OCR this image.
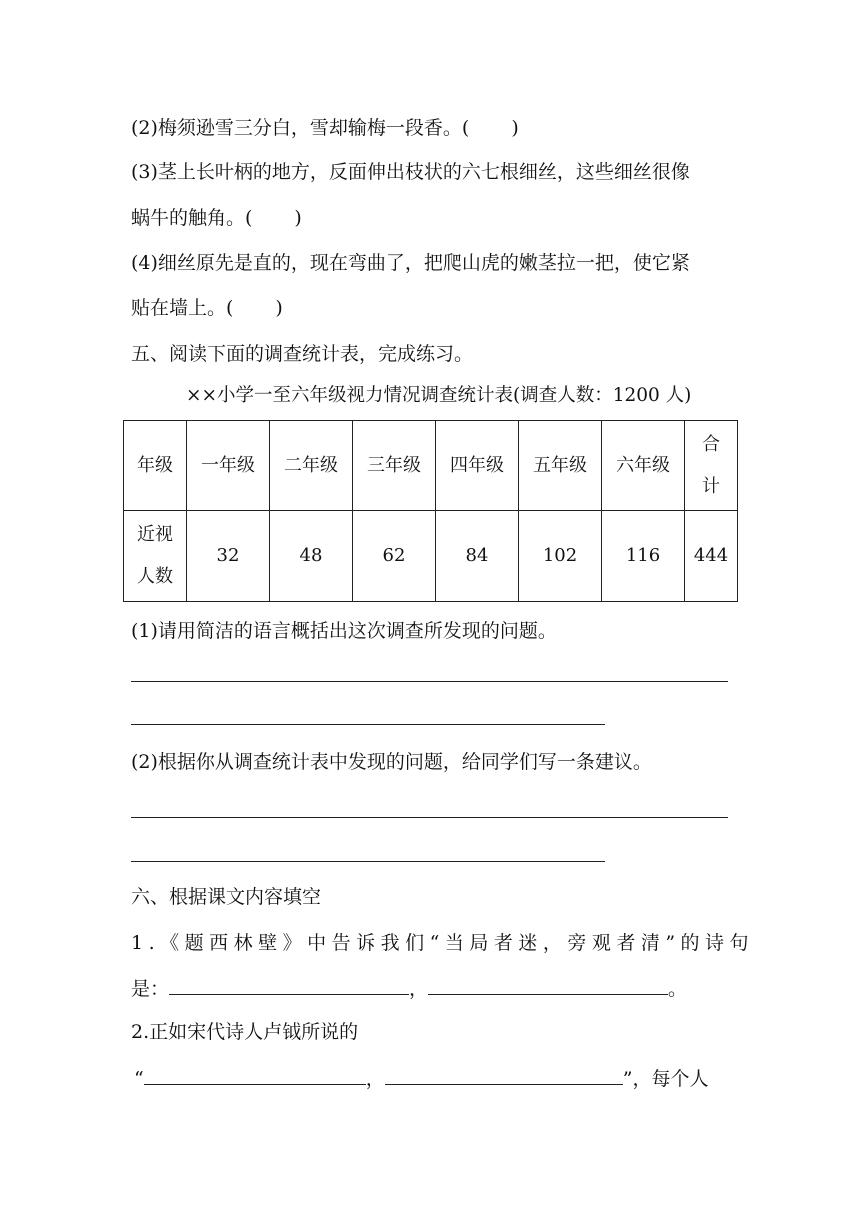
(2)梅须逊雪三分白，雪却输梅一段香。( )
(3)茎上长叶柄的地方，反面伸出枝状的六七根细丝，这些细丝很像
蜗牛的触角。( )
(4)细丝原先是直的，现在弯曲了，把爬山虎的嫩茎拉一把，使它紧
贴在墙上。( )
五、阅读下面的调查统计表，完成练习。
××小学一至六年级视力情况调查统计表(调查人数：1200 人)
年级	一年级	二年级	三年级	四年级	五年级	六年级	合
计

近视
人数	32	48	62	84	102	116	444
(1)请用简洁的语言概括出这次调查所发现的问题。
(2)根据你从调查统计表中发现的问题，给同学们写一条建议。
六、根据课文内容填空
1.《题西林壁》中告诉我们“当局者迷，旁观者清”的诗句
是：	，	。
2.正如宋代诗人卢钺所说的
“	，	”，每个人
